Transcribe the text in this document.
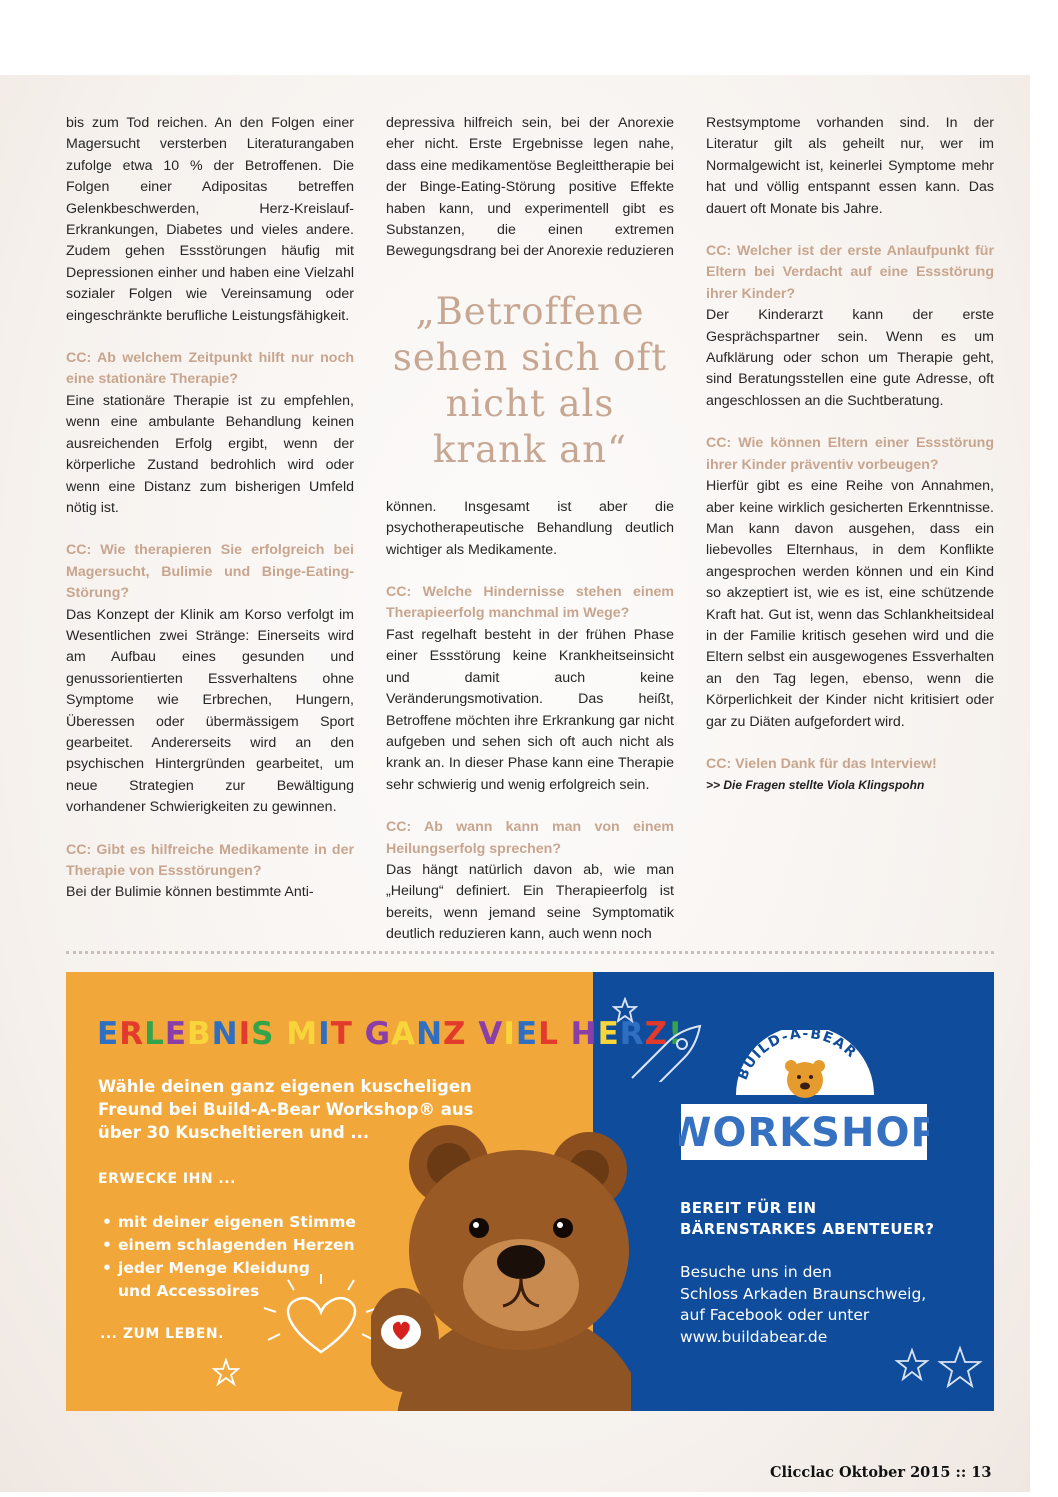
bis zum Tod reichen. An den Folgen einer Magersucht versterben Literaturangaben zufolge etwa 10 % der Betroffenen. Die Folgen einer Adipositas betreffen Gelenkbeschwerden, Herz-Kreislauf-Erkrankungen, Diabetes und vieles andere. Zudem gehen Essstörungen häufig mit Depressionen einher und haben eine Vielzahl sozialer Folgen wie Vereinsamung oder eingeschränkte berufliche Leistungsfähigkeit.

CC: Ab welchem Zeitpunkt hilft nur noch eine stationäre Therapie?

Eine stationäre Therapie ist zu empfehlen, wenn eine ambulante Behandlung keinen ausreichenden Erfolg ergibt, wenn der körperliche Zustand bedrohlich wird oder wenn eine Distanz zum bisherigen Umfeld nötig ist.

CC: Wie therapieren Sie erfolgreich bei Magersucht, Bulimie und Binge-Eating-Störung?

Das Konzept der Klinik am Korso verfolgt im Wesentlichen zwei Stränge: Einerseits wird am Aufbau eines gesunden und genussorientierten Essverhaltens ohne Symptome wie Erbrechen, Hungern, Überessen oder übermässigem Sport gearbeitet. Andererseits wird an den psychischen Hintergründen gearbeitet, um neue Strategien zur Bewältigung vorhandener Schwierigkeiten zu gewinnen.

CC: Gibt es hilfreiche Medikamente in der Therapie von Essstörungen?

Bei der Bulimie können bestimmte Anti-

depressiva hilfreich sein, bei der Anorexie eher nicht. Erste Ergebnisse legen nahe, dass eine medikamentöse Begleittherapie bei der Binge-Eating-Störung positive Effekte haben kann, und experimentell gibt es Substanzen, die einen extremen Bewegungsdrang bei der Anorexie reduzieren

„Betroffene sehen sich oft nicht als krank an“

können. Insgesamt ist aber die psychotherapeutische Behandlung deutlich wichtiger als Medikamente.

CC: Welche Hindernisse stehen einem Therapieerfolg manchmal im Wege?

Fast regelhaft besteht in der frühen Phase einer Essstörung keine Krankheitseinsicht und damit auch keine Veränderungsmotivation. Das heißt, Betroffene möchten ihre Erkrankung gar nicht aufgeben und sehen sich oft auch nicht als krank an. In dieser Phase kann eine Therapie sehr schwierig und wenig erfolgreich sein.

CC: Ab wann kann man von einem Heilungserfolg sprechen?

Das hängt natürlich davon ab, wie man „Heilung“ definiert. Ein Therapieerfolg ist bereits, wenn jemand seine Symptomatik deutlich reduzieren kann, auch wenn noch

Restsymptome vorhanden sind. In der Literatur gilt als geheilt nur, wer im Normalgewicht ist, keinerlei Symptome mehr hat und völlig entspannt essen kann. Das dauert oft Monate bis Jahre.

CC: Welcher ist der erste Anlaufpunkt für Eltern bei Verdacht auf eine Essstörung ihrer Kinder?

Der Kinderarzt kann der erste Gesprächspartner sein. Wenn es um Aufklärung oder schon um Therapie geht, sind Beratungsstellen eine gute Adresse, oft angeschlossen an die Suchtberatung.

CC: Wie können Eltern einer Essstörung ihrer Kinder präventiv vorbeugen?

Hierfür gibt es eine Reihe von Annahmen, aber keine wirklich gesicherten Erkenntnisse. Man kann davon ausgehen, dass ein liebevolles Elternhaus, in dem Konflikte angesprochen werden können und ein Kind so akzeptiert ist, wie es ist, eine schützende Kraft hat. Gut ist, wenn das Schlankheitsideal in der Familie kritisch gesehen wird und die Eltern selbst ein ausgewogenes Essverhalten an den Tag legen, ebenso, wenn die Körperlichkeit der Kinder nicht kritisiert oder gar zu Diäten aufgefordert wird.

CC: Vielen Dank für das Interview!

>> Die Fragen stellte Viola Klingspohn

ERLEBNIS MIT GANZ VIEL HERZ!
Wähle deinen ganz eigenen kuscheligen Freund bei Build-A-Bear Workshop® aus über 30 Kuscheltieren und ...
ERWECKE IHN ...
• mit deiner eigenen Stimme
• einem schlagenden Herzen
• jeder Menge Kleidung
und Accessoires
... ZUM LEBEN.
BUILD-A-BEAR
WORKSHOP
BEREIT FÜR EIN
BÄRENSTARKES ABENTEUER?
Besuche uns in den
Schloss Arkaden Braunschweig,
auf Facebook oder unter
www.buildabear.de
Clicclac Oktober 2015 :: 13
